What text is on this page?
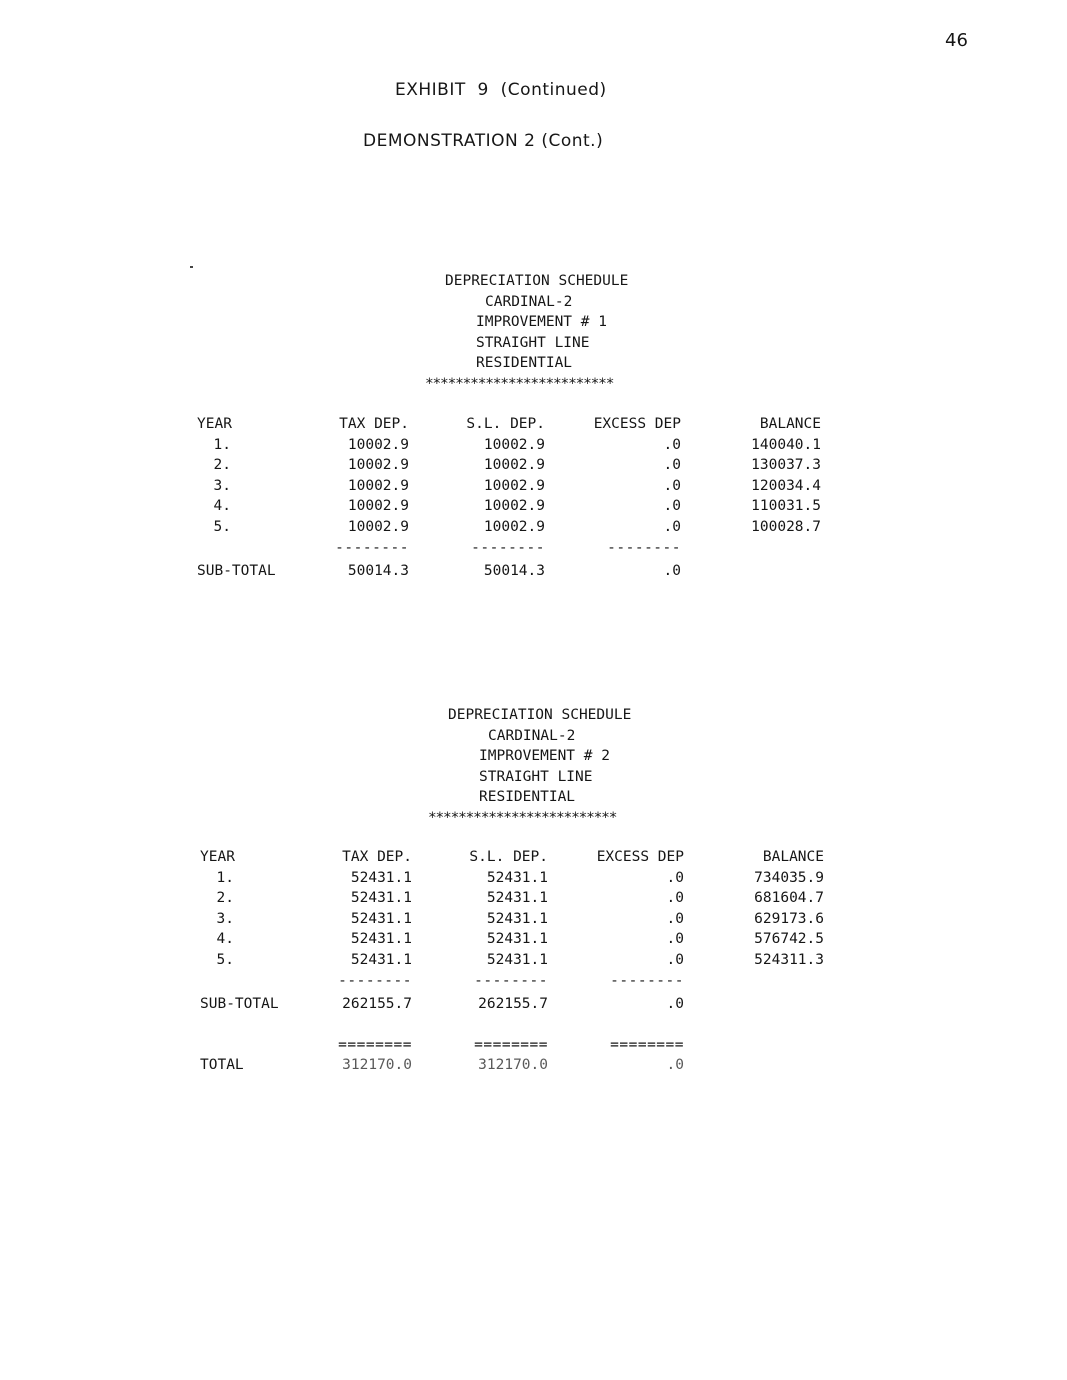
46
EXHIBIT  9  (Continued)
DEMONSTRATION 2 (Cont.)
DEPRECIATION SCHEDULE
CARDINAL-2
IMPROVEMENT # 1
STRAIGHT LINE
RESIDENTIAL
*************************
YEAR	TAX DEP.	S.L. DEP.	EXCESS DEP	BALANCE
1.	10002.9	10002.9	.0	140040.1
2.	10002.9	10002.9	.0	130037.3
3.	10002.9	10002.9	.0	120034.4
4.	10002.9	10002.9	.0	110031.5
5.	10002.9	10002.9	.0	100028.7
--------	--------	--------
SUB-TOTAL	50014.3	50014.3	.0
DEPRECIATION SCHEDULE
CARDINAL-2
IMPROVEMENT # 2
STRAIGHT LINE
RESIDENTIAL
*************************
YEAR	TAX DEP.	S.L. DEP.	EXCESS DEP	BALANCE
1.	52431.1	52431.1	.0	734035.9
2.	52431.1	52431.1	.0	681604.7
3.	52431.1	52431.1	.0	629173.6
4.	52431.1	52431.1	.0	576742.5
5.	52431.1	52431.1	.0	524311.3
--------	--------	--------
SUB-TOTAL	262155.7	262155.7	.0
========	========	========
TOTAL	312170.0	312170.0	.0
